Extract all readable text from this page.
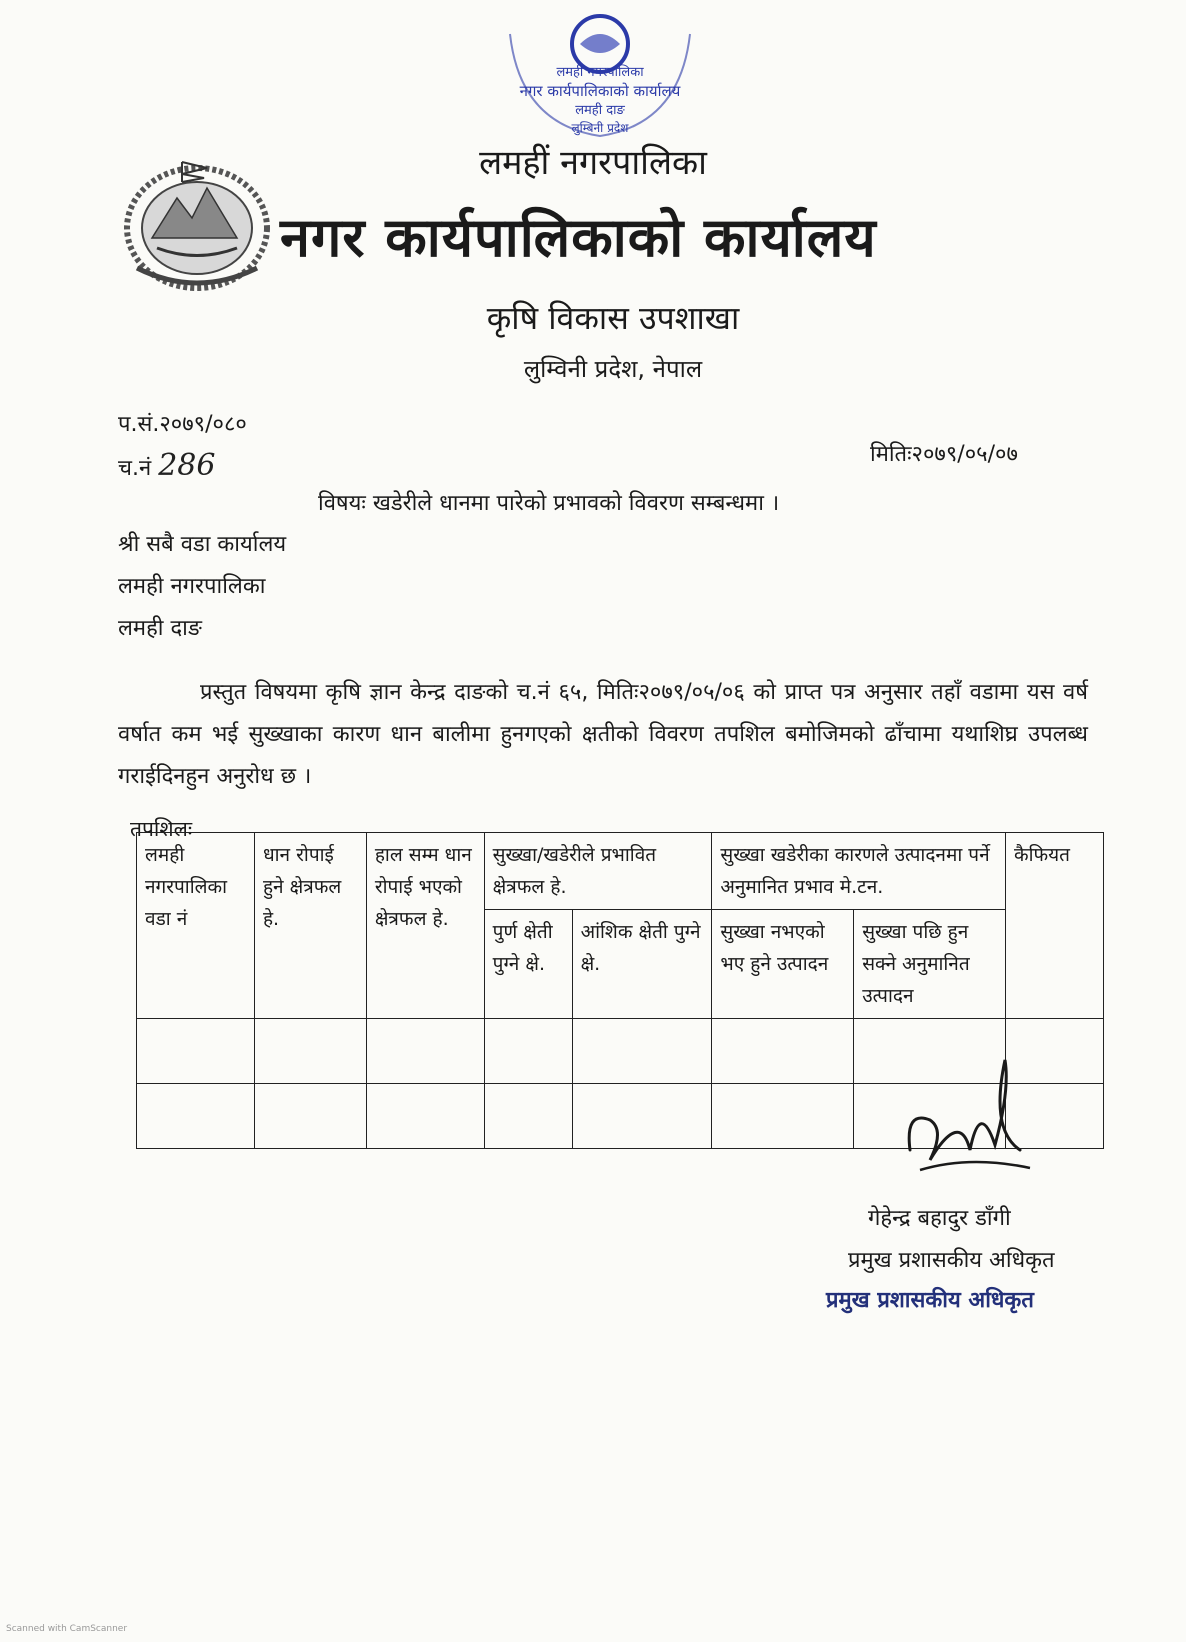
लमही नगरपालिका
नगर कार्यपालिकाको कार्यालय
लमही दाङ
लुम्बिनी प्रदेश
लमहीं नगरपालिका
नगर कार्यपालिकाको कार्यालय
कृषि विकास उपशाखा
लुम्विनी प्रदेश, नेपाल
प.सं.२०७९/०८०
च.नं 286	मितिः२०७९/०५/०७
विषयः खडेरीले धानमा पारेको प्रभावको विवरण सम्बन्धमा ।
श्री सबै वडा कार्यालय
लमही नगरपालिका
लमही दाङ
प्रस्तुत विषयमा कृषि ज्ञान केन्द्र दाङको च.नं ६५, मितिः२०७९/०५/०६ को प्राप्त पत्र अनुसार तहाँ वडामा यस वर्ष वर्षात कम भई सुख्खाका कारण धान बालीमा हुनगएको क्षतीको विवरण तपशिल बमोजिमको ढाँचामा यथाशिघ्र उपलब्ध गराईदिनहुन अनुरोध छ ।
तपशिलः
लमही नगरपालिका वडा नं	धान रोपाई हुने क्षेत्रफल हे.	हाल सम्म धान रोपाई भएको क्षेत्रफल हे.	सुख्खा/खडेरीले प्रभावित क्षेत्रफल हे.		सुख्खा खडेरीका कारणले उत्पादनमा पर्ने अनुमानित प्रभाव मे.टन.		कैफियत
			पुर्ण क्षेती पुग्ने क्षे.	आंशिक क्षेती पुग्ने क्षे.	सुख्खा नभएको भए हुने उत्पादन	सुख्खा पछि हुन सक्ने अनुमानित उत्पादन	

गेहेन्द्र बहादुर डाँगी
प्रमुख प्रशासकीय अधिकृत
प्रमुख प्रशासकीय अधिकृत
Scanned with CamScanner
